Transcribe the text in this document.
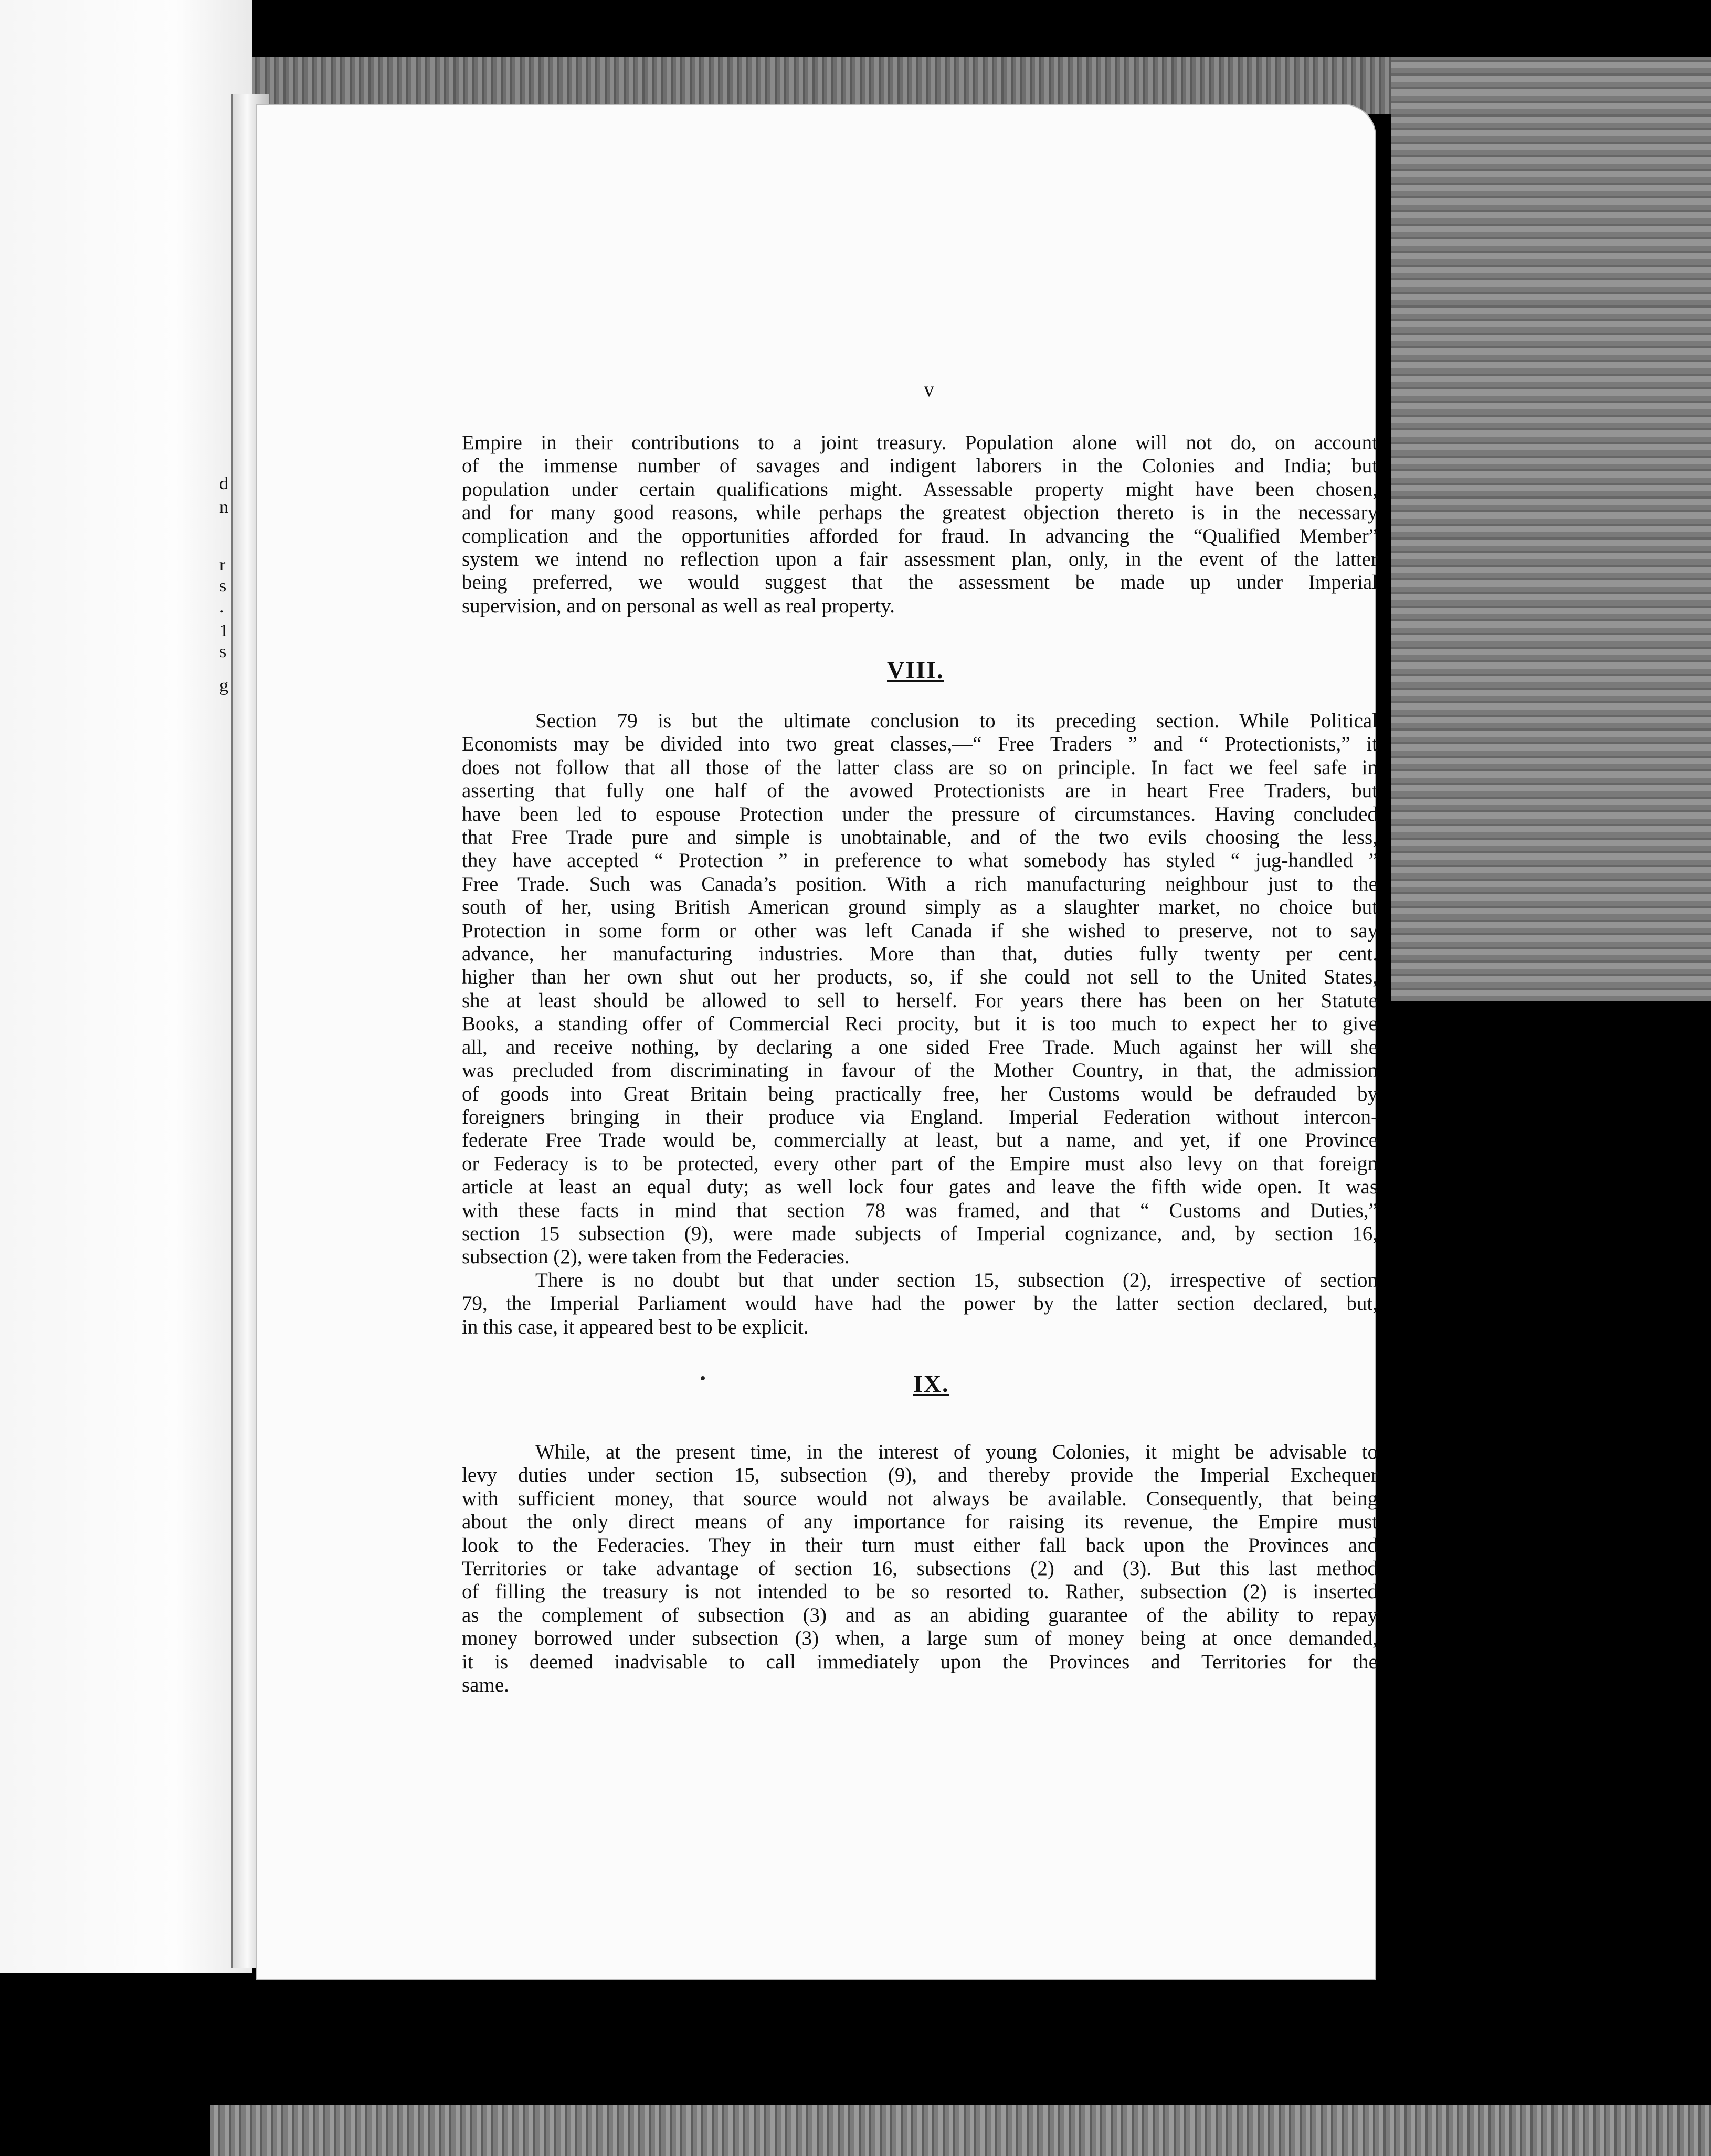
d
n
r
s
.
1
s
g
v
Empire in their contributions to a joint treasury. Population alone will not do, on account
of the immense number of savages and indigent laborers in the Colonies and India; but
population under certain qualifications might. Assessable property might have been chosen,
and for many good reasons, while perhaps the greatest objection thereto is in the necessary
complication and the opportunities afforded for fraud. In advancing the “Qualified Member”
system we intend no reflection upon a fair assessment plan, only, in the event of the latter
being preferred, we would suggest that the assessment be made up under Imperial
supervision, and on personal as well as real property.
VIII.
Section 79 is but the ultimate conclusion to its preceding section. While Political
Economists may be divided into two great classes,—“ Free Traders ” and “ Protectionists,” it
does not follow that all those of the latter class are so on principle. In fact we feel safe in
asserting that fully one half of the avowed Protectionists are in heart Free Traders, but
have been led to espouse Protection under the pressure of circumstances. Having concluded
that Free Trade pure and simple is unobtainable, and of the two evils choosing the less,
they have accepted “ Protection ” in preference to what somebody has styled “ jug-handled ”
Free Trade. Such was Canada’s position. With a rich manufacturing neighbour just to the
south of her, using British American ground simply as a slaughter market, no choice but
Protection in some form or other was left Canada if she wished to preserve, not to say
advance, her manufacturing industries. More than that, duties fully twenty per cent.
higher than her own shut out her products, so, if she could not sell to the United States,
she at least should be allowed to sell to herself. For years there has been on her Statute
Books, a standing offer of Commercial Reci procity, but it is too much to expect her to give
all, and receive nothing, by declaring a one sided Free Trade. Much against her will she
was precluded from discriminating in favour of the Mother Country, in that, the admission
of goods into Great Britain being practically free, her Customs would be defrauded by
foreigners bringing in their produce via England. Imperial Federation without intercon-
federate Free Trade would be, commercially at least, but a name, and yet, if one Province
or Federacy is to be protected, every other part of the Empire must also levy on that foreign
article at least an equal duty; as well lock four gates and leave the fifth wide open. It was
with these facts in mind that section 78 was framed, and that “ Customs and Duties,”
section 15 subsection (9), were made subjects of Imperial cognizance, and, by section 16,
subsection (2), were taken from the Federacies.
There is no doubt but that under section 15, subsection (2), irrespective of section
79, the Imperial Parliament would have had the power by the latter section declared, but,
in this case, it appeared best to be explicit.
IX.
While, at the present time, in the interest of young Colonies, it might be advisable to
levy duties under section 15, subsection (9), and thereby provide the Imperial Exchequer
with sufficient money, that source would not always be available. Consequently, that being
about the only direct means of any importance for raising its revenue, the Empire must
look to the Federacies. They in their turn must either fall back upon the Provinces and
Territories or take advantage of section 16, subsections (2) and (3). But this last method
of filling the treasury is not intended to be so resorted to. Rather, subsection (2) is inserted
as the complement of subsection (3) and as an abiding guarantee of the ability to repay
money borrowed under subsection (3) when, a large sum of money being at once demanded,
it is deemed inadvisable to call immediately upon the Provinces and Territories for the
same.
